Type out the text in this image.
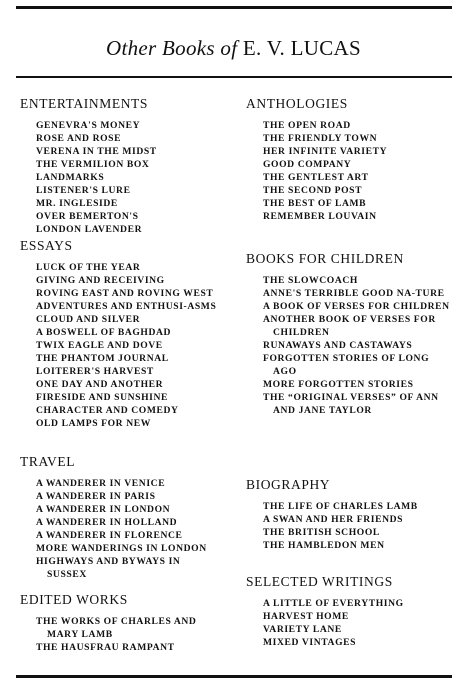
Other Books of E. V. LUCAS
ENTERTAINMENTS
GENEVRA'S MONEY
ROSE AND ROSE
VERENA IN THE MIDST
THE VERMILION BOX
LANDMARKS
LISTENER'S LURE
MR. INGLESIDE
OVER BEMERTON'S
LONDON LAVENDER
ESSAYS
LUCK OF THE YEAR
GIVING AND RECEIVING
ROVING EAST AND ROVING WEST
ADVENTURES AND ENTHUSI-ASMS
CLOUD AND SILVER
A BOSWELL OF BAGHDAD
TWIX EAGLE AND DOVE
THE PHANTOM JOURNAL
LOITERER'S HARVEST
ONE DAY AND ANOTHER
FIRESIDE AND SUNSHINE
CHARACTER AND COMEDY
OLD LAMPS FOR NEW
TRAVEL
A WANDERER IN VENICE
A WANDERER IN PARIS
A WANDERER IN LONDON
A WANDERER IN HOLLAND
A WANDERER IN FLORENCE
MORE WANDERINGS IN LONDON
HIGHWAYS AND BYWAYS IN SUSSEX
EDITED WORKS
THE WORKS OF CHARLES AND MARY LAMB
THE HAUSFRAU RAMPANT
ANTHOLOGIES
THE OPEN ROAD
THE FRIENDLY TOWN
HER INFINITE VARIETY
GOOD COMPANY
THE GENTLEST ART
THE SECOND POST
THE BEST OF LAMB
REMEMBER LOUVAIN
BOOKS FOR CHILDREN
THE SLOWCOACH
ANNE'S TERRIBLE GOOD NA-TURE
A BOOK OF VERSES FOR CHILDREN
ANOTHER BOOK OF VERSES FOR CHILDREN
RUNAWAYS AND CASTAWAYS
FORGOTTEN STORIES OF LONG AGO
MORE FORGOTTEN STORIES
THE “ORIGINAL VERSES” OF ANN AND JANE TAYLOR
BIOGRAPHY
THE LIFE OF CHARLES LAMB
A SWAN AND HER FRIENDS
THE BRITISH SCHOOL
THE HAMBLEDON MEN
SELECTED WRITINGS
A LITTLE OF EVERYTHING
HARVEST HOME
VARIETY LANE
MIXED VINTAGES
